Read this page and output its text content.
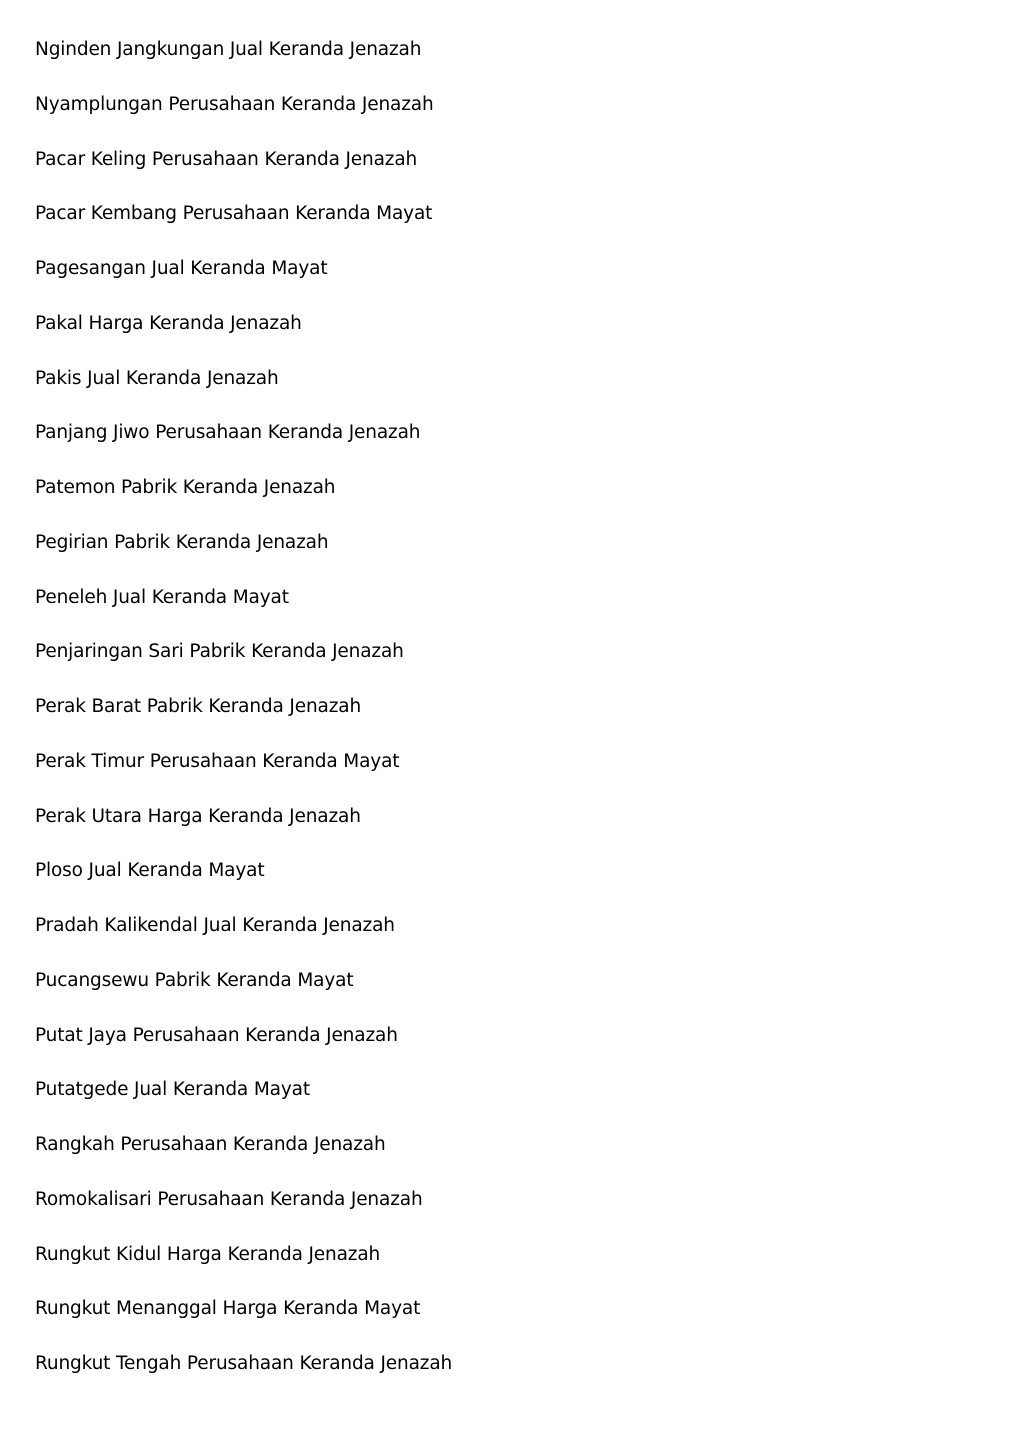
Nginden Jangkungan Jual Keranda Jenazah
Nyamplungan Perusahaan Keranda Jenazah
Pacar Keling Perusahaan Keranda Jenazah
Pacar Kembang Perusahaan Keranda Mayat
Pagesangan Jual Keranda Mayat
Pakal Harga Keranda Jenazah
Pakis Jual Keranda Jenazah
Panjang Jiwo Perusahaan Keranda Jenazah
Patemon Pabrik Keranda Jenazah
Pegirian Pabrik Keranda Jenazah
Peneleh Jual Keranda Mayat
Penjaringan Sari Pabrik Keranda Jenazah
Perak Barat Pabrik Keranda Jenazah
Perak Timur Perusahaan Keranda Mayat
Perak Utara Harga Keranda Jenazah
Ploso Jual Keranda Mayat
Pradah Kalikendal Jual Keranda Jenazah
Pucangsewu Pabrik Keranda Mayat
Putat Jaya Perusahaan Keranda Jenazah
Putatgede Jual Keranda Mayat
Rangkah Perusahaan Keranda Jenazah
Romokalisari Perusahaan Keranda Jenazah
Rungkut Kidul Harga Keranda Jenazah
Rungkut Menanggal Harga Keranda Mayat
Rungkut Tengah Perusahaan Keranda Jenazah
